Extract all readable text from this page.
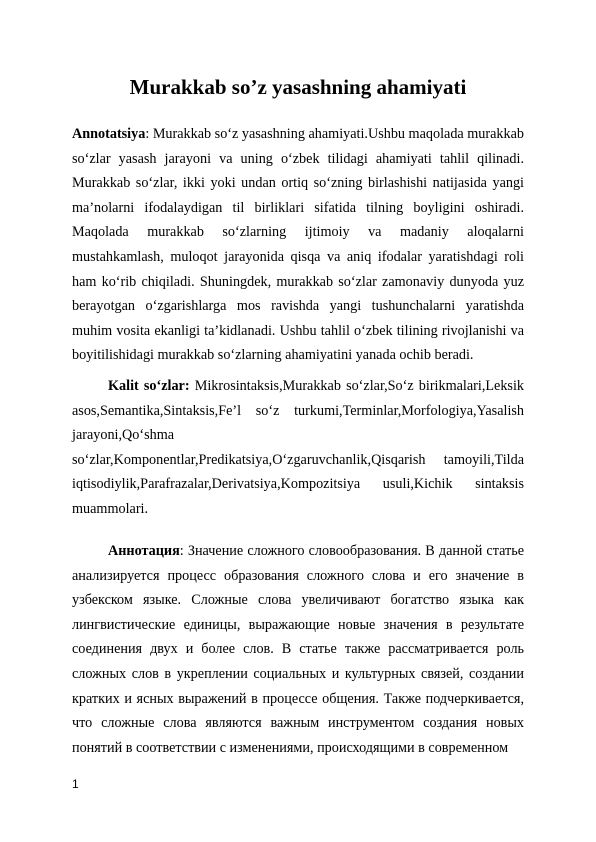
Murakkab so’z yasashning ahamiyati

Annotatsiya: Murakkab so‘z yasashning ahamiyati.Ushbu maqolada murakkab so‘zlar yasash jarayoni va uning o‘zbek tilidagi ahamiyati tahlil qilinadi. Murakkab so‘zlar, ikki yoki undan ortiq so‘zning birlashishi natijasida yangi ma’nolarni ifodalaydigan til birliklari sifatida tilning boyligini oshiradi. Maqolada murakkab so‘zlarning ijtimoiy va madaniy aloqalarni mustahkamlash, muloqot jarayonida qisqa va aniq ifodalar yaratishdagi roli ham ko‘rib chiqiladi. Shuningdek, murakkab so‘zlar zamonaviy dunyoda yuz berayotgan o‘zgarishlarga mos ravishda yangi tushunchalarni yaratishda muhim vosita ekanligi ta’kidlanadi. Ushbu tahlil o‘zbek tilining rivojlanishi va boyitilishidagi murakkab so‘zlarning ahamiyatini yanada ochib beradi.

Kalit so‘zlar: Mikrosintaksis,Murakkab so‘zlar,So‘z birikmalari,Leksik asos,Semantika,Sintaksis,Fe’l so‘z turkumi,Terminlar,Morfologiya,Yasalish jarayoni,Qo‘shma so‘zlar,Komponentlar,Predikatsiya,O‘zgaruvchanlik,Qisqarish tamoyili,Tilda iqtisodiylik,Parafrazalar,Derivatsiya,Kompozitsiya usuli,Kichik sintaksis muammolari.

Аннотация: Значение сложного словообразования. В данной статье анализируется процесс образования сложного слова и его значение в узбекском языке. Сложные слова увеличивают богатство языка как лингвистические единицы, выражающие новые значения в результате соединения двух и более слов. В статье также рассматривается роль сложных слов в укреплении социальных и культурных связей, создании кратких и ясных выражений в процессе общения. Также подчеркивается, что сложные слова являются важным инструментом создания новых понятий в соответствии с изменениями, происходящими в современном

1
